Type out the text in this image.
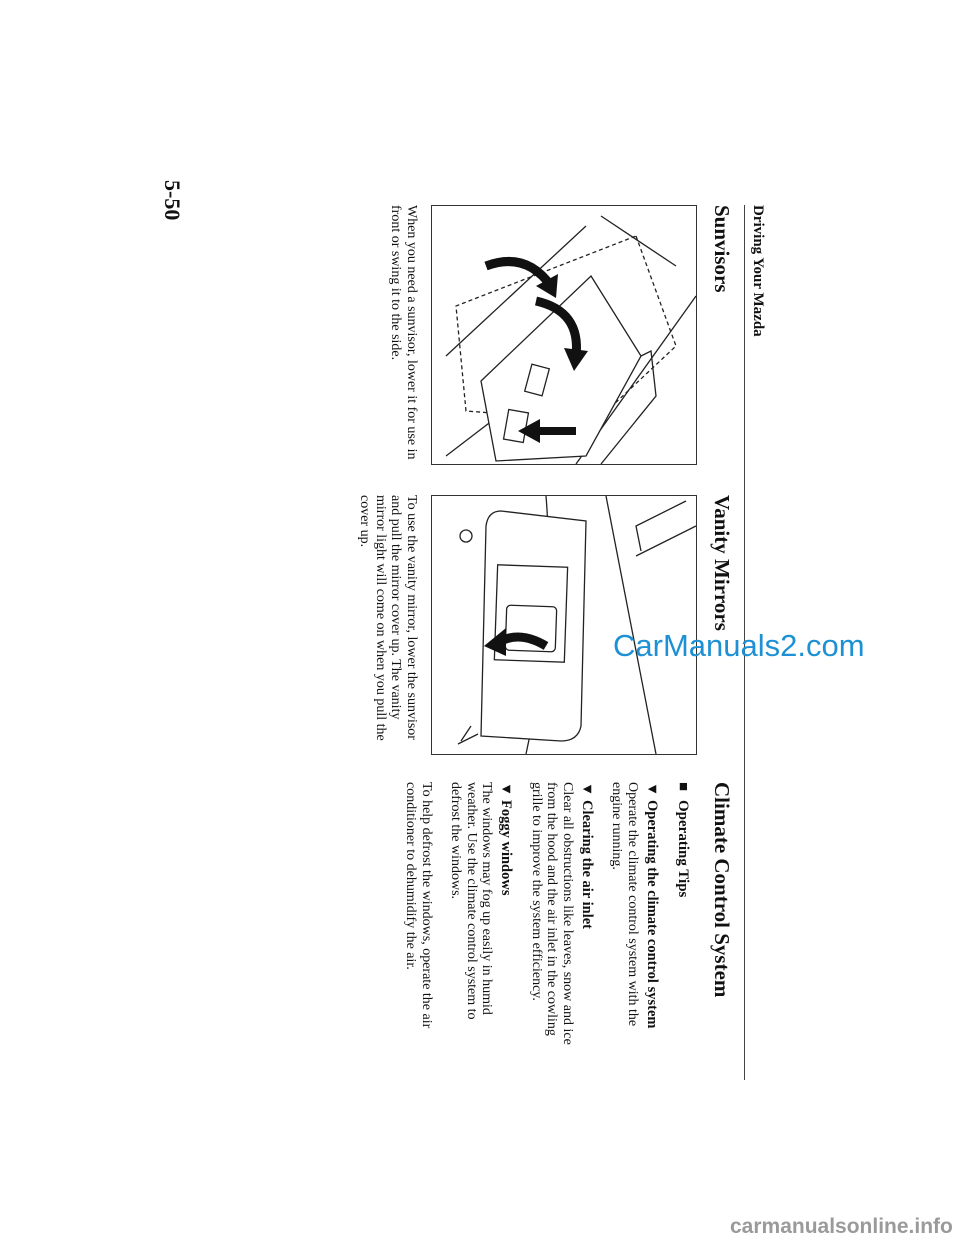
Driving Your Mazda
Sunvisors
When you need a sunvisor, lower it for use in front or swing it to the side.
Vanity Mirrors
To use the vanity mirror, lower the sunvisor and pull the mirror cover up. The vanity mirror light will come on when you pull the cover up.
Climate Control System
■
Operating Tips
▼
Operating the climate control system

Operate the climate control system with the engine running.

▼
Clearing the air inlet

Clear all obstructions like leaves, snow and ice from the hood and the air inlet in the cowling grille to improve the system efficiency.

▼
Foggy windows

The windows may fog up easily in humid weather. Use the climate control system to defrost the windows.

To help defrost the windows, operate the air conditioner to dehumidify the air.

5-50
CarManuals2.com
carmanualsonline.info
